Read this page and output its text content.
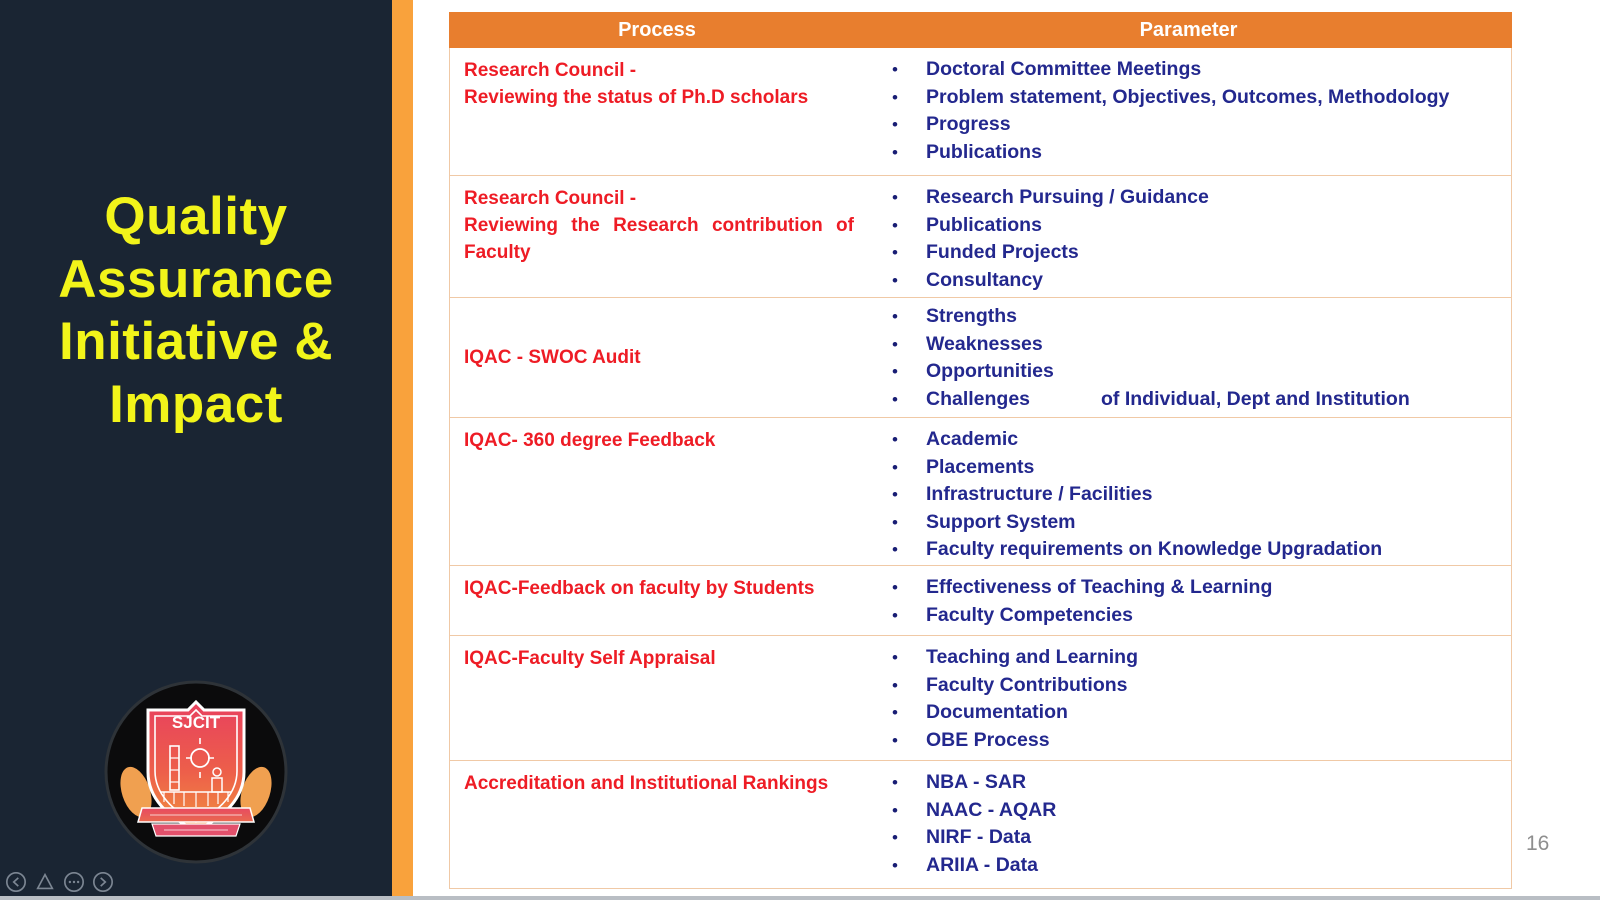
Quality
Assurance
Initiative &
Impact
SJCIT
Process	Parameter
Research Council -
Reviewing the status of Ph.D scholars
•	Doctoral Committee Meetings
•	Problem statement, Objectives, Outcomes, Methodology
•	Progress
•	Publications
Research Council -
Reviewing the Research contribution of Faculty
•	Research Pursuing / Guidance
•	Publications
•	Funded Projects
•	Consultancy
IQAC - SWOC Audit
•	Strengths
•	Weaknesses
•	Opportunities
•	Challenges	of Individual, Dept and Institution
IQAC- 360 degree Feedback	•	Academic
•	Placements
•	Infrastructure / Facilities
•	Support System
•	Faculty requirements on Knowledge Upgradation
IQAC-Feedback on faculty by Students	•	Effectiveness of Teaching & Learning
•	Faculty Competencies
IQAC-Faculty Self Appraisal	•	Teaching and Learning
•	Faculty Contributions
•	Documentation
•	OBE Process
Accreditation and Institutional Rankings	•	NBA - SAR
•	NAAC - AQAR
•	NIRF - Data
•	ARIIA - Data
16
